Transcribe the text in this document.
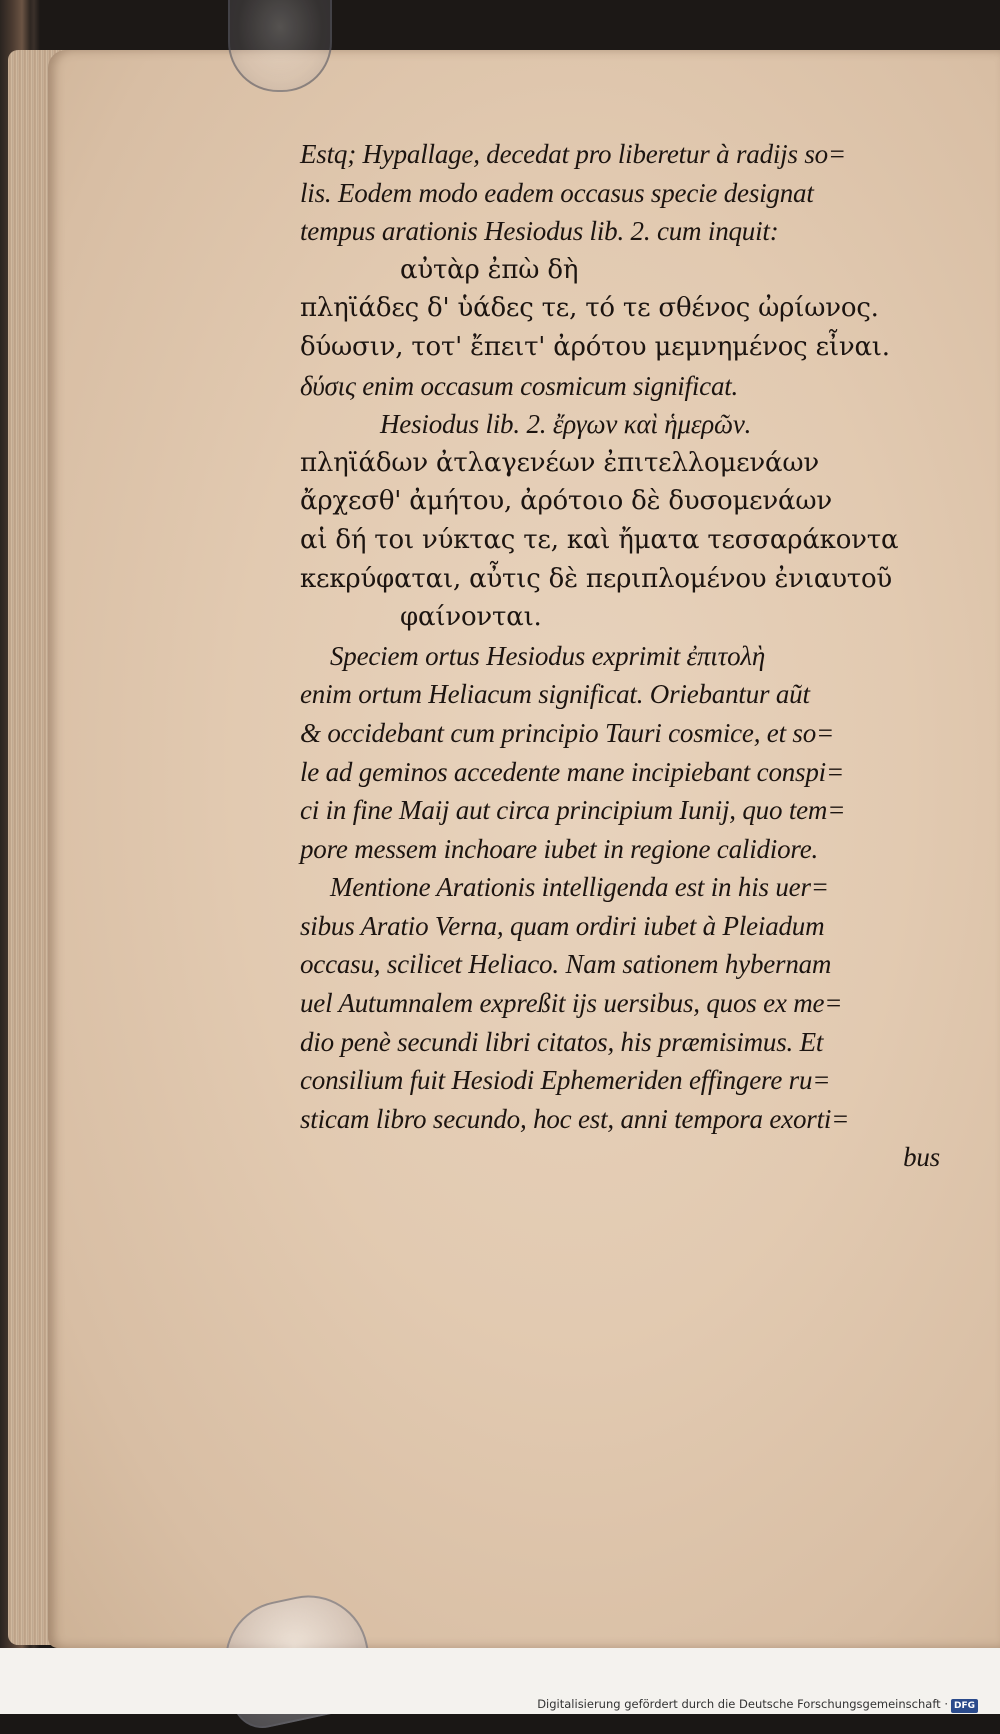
Estq; Hypallage, decedat pro liberetur à radijs so=
lis. Eodem modo eadem occasus specie designat
tempus arationis Hesiodus lib. 2. cum inquit:
αὐτὰρ ἐπὼ δὴ
πληϊάδες δ' ὑάδες τε, τό τε σθένος ὠρίωνος.
δύωσιν, τοτ' ἔπειτ' ἀρότου μεμνημένος εἶναι.
δύσις enim occasum cosmicum significat.
Hesiodus lib. 2. ἔργων καὶ ἡμερῶν.
πληϊάδων ἀτλαγενέων ἐπιτελλομενάων
ἄρχεσθ' ἀμήτου, ἀρότοιο δὲ δυσομενάων
αἱ δή τοι νύκτας τε, καὶ ἤματα τεσσαράκοντα
κεκρύφαται, αὖτις δὲ περιπλομένου ἐνιαυτοῦ
φαίνονται.
Speciem ortus Hesiodus exprimit ἐπιτολὴ
enim ortum Heliacum significat. Oriebantur aũt
& occidebant cum principio Tauri cosmice, et so=
le ad geminos accedente mane incipiebant conspi=
ci in fine Maij aut circa principium Iunij, quo tem=
pore messem inchoare iubet in regione calidiore.
Mentione Arationis intelligenda est in his uer=
sibus Aratio Verna, quam ordiri iubet à Pleiadum
occasu, scilicet Heliaco. Nam sationem hybernam
uel Autumnalem expreßit ijs uersibus, quos ex me=
dio penè secundi libri citatos, his præmisimus. Et
consilium fuit Hesiodi Ephemeriden effingere ru=
sticam libro secundo, hoc est, anni tempora exorti=
bus
Digitalisierung gefördert durch die Deutsche Forschungsgemeinschaft · DFG
